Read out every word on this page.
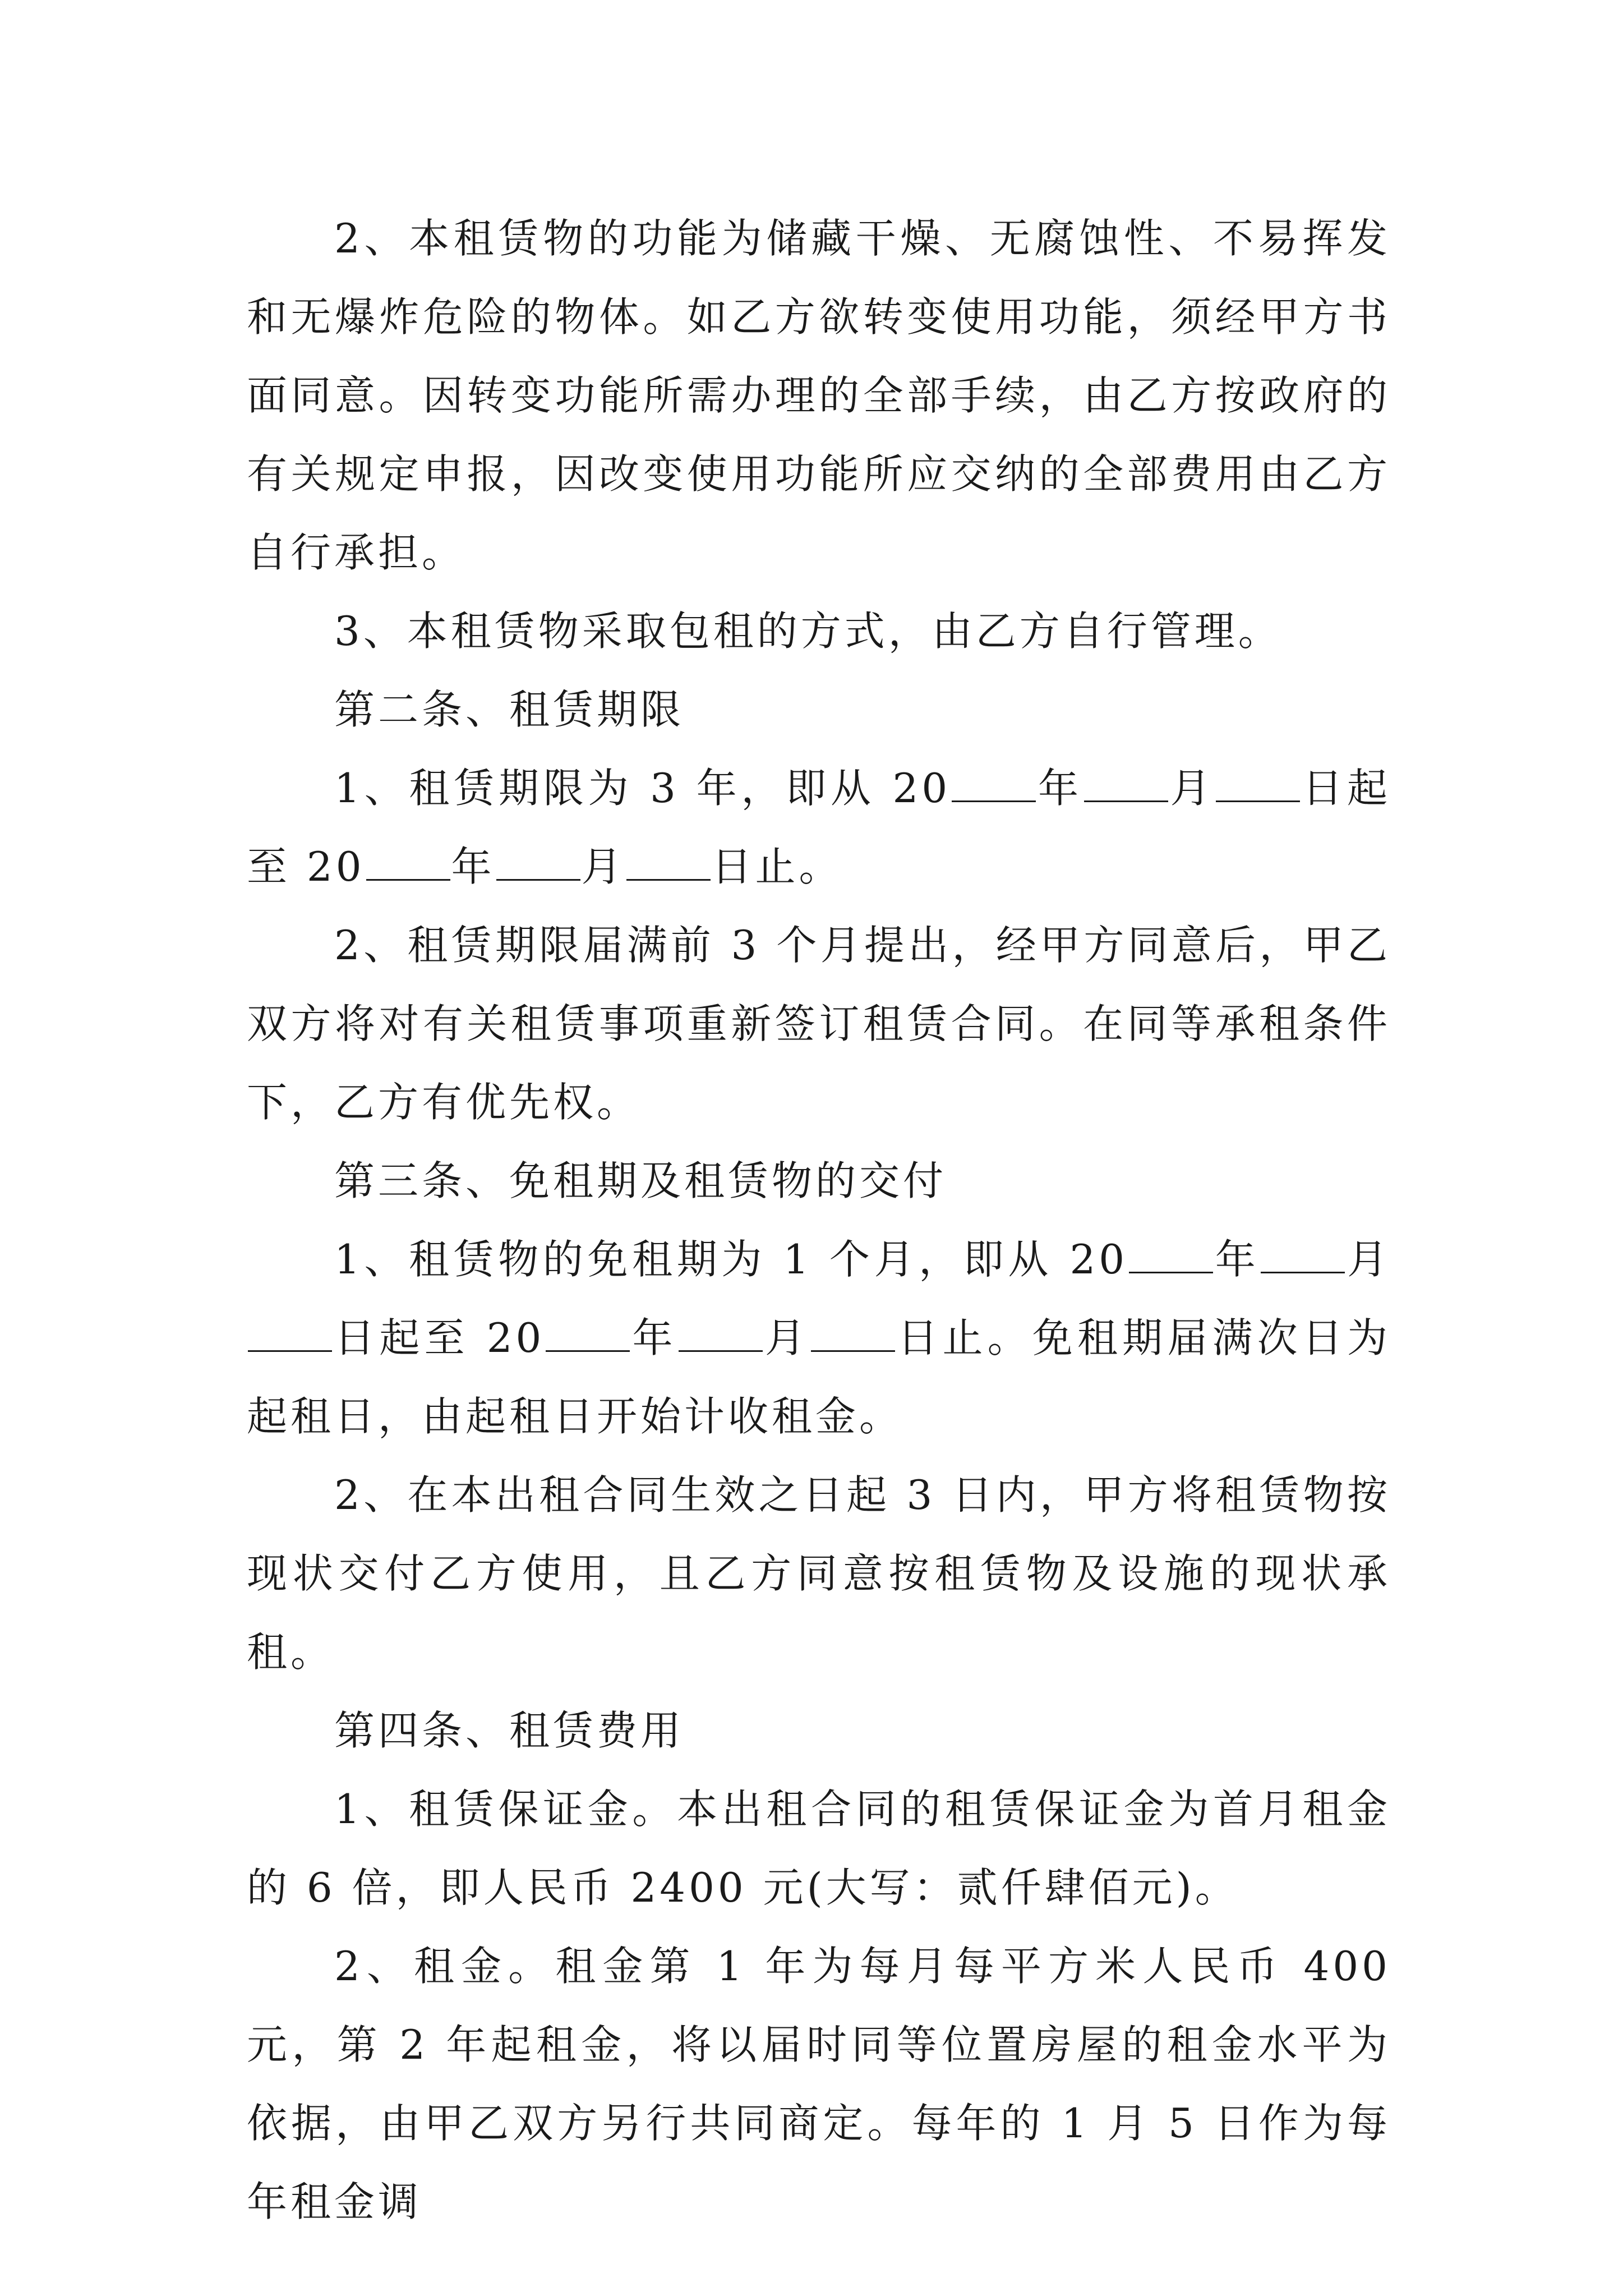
2、本租赁物的功能为储藏干燥、无腐蚀性、不易挥发和无爆炸危险的物体。如乙方欲转变使用功能，须经甲方书面同意。因转变功能所需办理的全部手续，由乙方按政府的有关规定申报，因改变使用功能所应交纳的全部费用由乙方自行承担。

3、本租赁物采取包租的方式，由乙方自行管理。

第二条、租赁期限

1、租赁期限为 3 年，即从 20 年 月 日起至 20 年 月 日止。

2、租赁期限届满前 3 个月提出，经甲方同意后，甲乙双方将对有关租赁事项重新签订租赁合同。在同等承租条件下，乙方有优先权。

第三条、免租期及租赁物的交付

1、租赁物的免租期为 1 个月，即从 20 年 月日起至 20 年 月 日止。免租期届满次日为起租日，由起租日开始计收租金。

2、在本出租合同生效之日起 3 日内，甲方将租赁物按现状交付乙方使用，且乙方同意按租赁物及设施的现状承租。

第四条、租赁费用

1、租赁保证金。本出租合同的租赁保证金为首月租金的 6 倍，即人民币 2400 元(大写：贰仟肆佰元)。

2、租金。租金第 1 年为每月每平方米人民币 400 元，第 2 年起租金，将以届时同等位置房屋的租金水平为依据，由甲乙双方另行共同商定。每年的 1 月 5 日作为每年租金调
